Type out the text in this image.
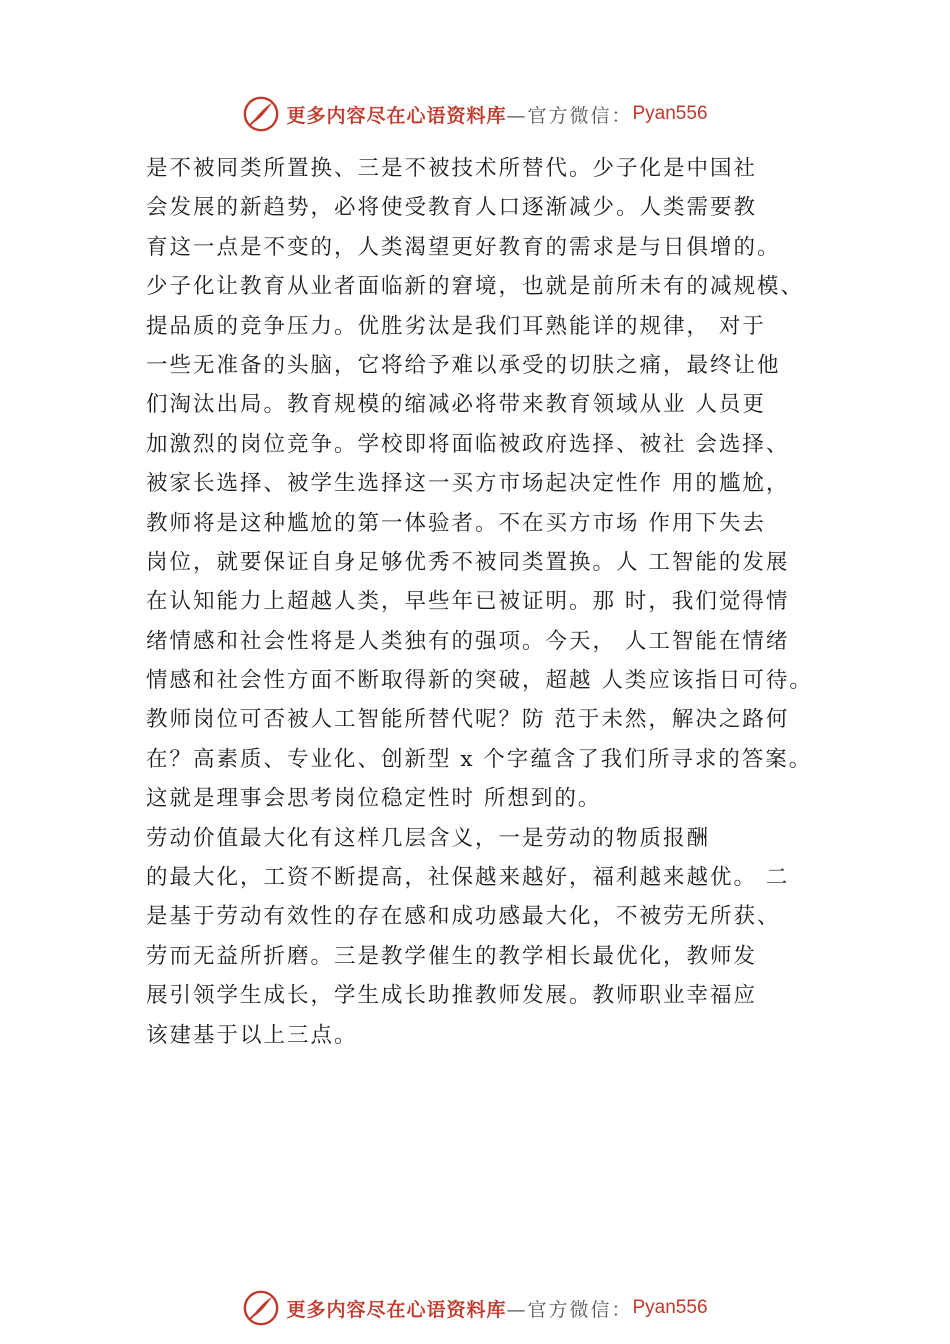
更多内容尽在心语资料库 —官方微信： Pyan556
是不被同类所置换、三是不被技术所替代。少子化是中国社
会发展的新趋势，必将使受教育人口逐渐减少。人类需要教
育这一点是不变的，人类渴望更好教育的需求是与日俱增的。
少子化让教育从业者面临新的窘境，也就是前所未有的减规模、
提品质的竞争压力。优胜劣汰是我们耳熟能详的规律， 对于
一些无准备的头脑，它将给予难以承受的切肤之痛，最终让他
们淘汰出局。教育规模的缩减必将带来教育领域从业 人员更
加激烈的岗位竞争。学校即将面临被政府选择、被社 会选择、
被家长选择、被学生选择这一买方市场起决定性作 用的尴尬，
教师将是这种尴尬的第一体验者。不在买方市场 作用下失去
岗位，就要保证自身足够优秀不被同类置换。人 工智能的发展
在认知能力上超越人类，早些年已被证明。那 时，我们觉得情
绪情感和社会性将是人类独有的强项。今天， 人工智能在情绪
情感和社会性方面不断取得新的突破，超越 人类应该指日可待。
教师岗位可否被人工智能所替代呢？防 范于未然，解决之路何
在？高素质、专业化、创新型 x 个字蕴含了我们所寻求的答案。
这就是理事会思考岗位稳定性时 所想到的。
劳动价值最大化有这样几层含义，一是劳动的物质报酬
的最大化，工资不断提高，社保越来越好，福利越来越优。 二
是基于劳动有效性的存在感和成功感最大化，不被劳无所获、
劳而无益所折磨。三是教学催生的教学相长最优化，教师发
展引领学生成长，学生成长助推教师发展。教师职业幸福应
该建基于以上三点。
更多内容尽在心语资料库 —官方微信： Pyan556
